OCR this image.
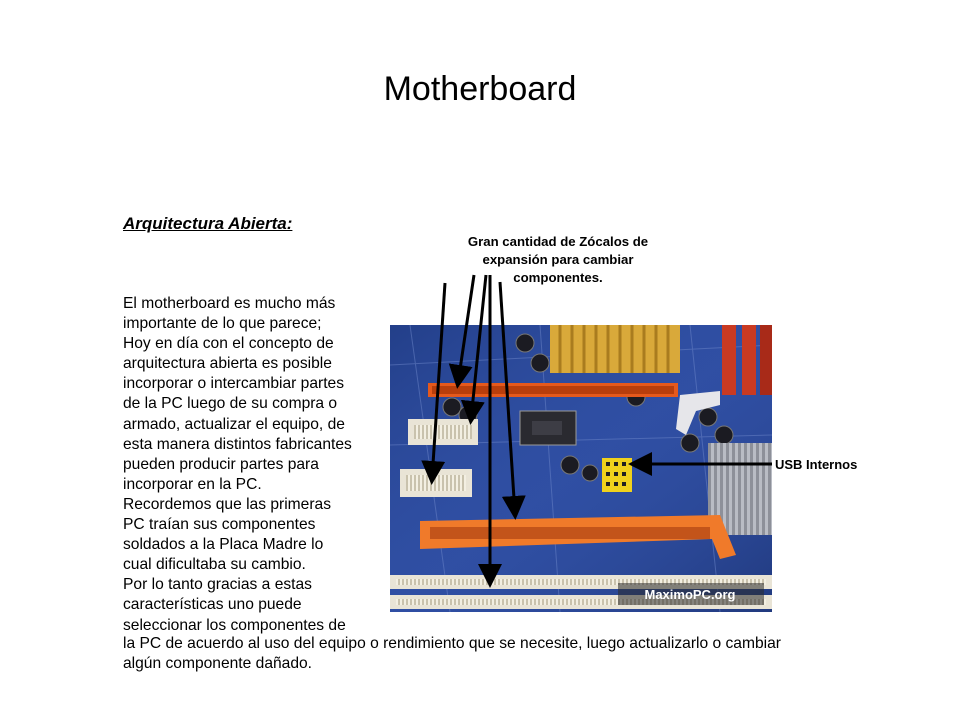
Motherboard
Arquitectura Abierta:
El motherboard es mucho más
importante de lo que parece;
Hoy en día con el concepto de
arquitectura abierta es posible
incorporar o intercambiar partes
de la PC luego de su compra o
armado, actualizar el equipo, de
esta manera distintos fabricantes
pueden producir partes para
incorporar en la PC.
Recordemos que las primeras
PC traían sus componentes
soldados a la Placa Madre lo
cual dificultaba su cambio.
Por lo tanto gracias a estas
características uno puede
seleccionar los componentes de
la PC de acuerdo al uso del equipo o rendimiento que se necesite, luego actualizarlo o cambiar
algún componente dañado.
Gran cantidad de Zócalos de
expansión para cambiar
componentes.
USB Internos
MaximoPC.org
